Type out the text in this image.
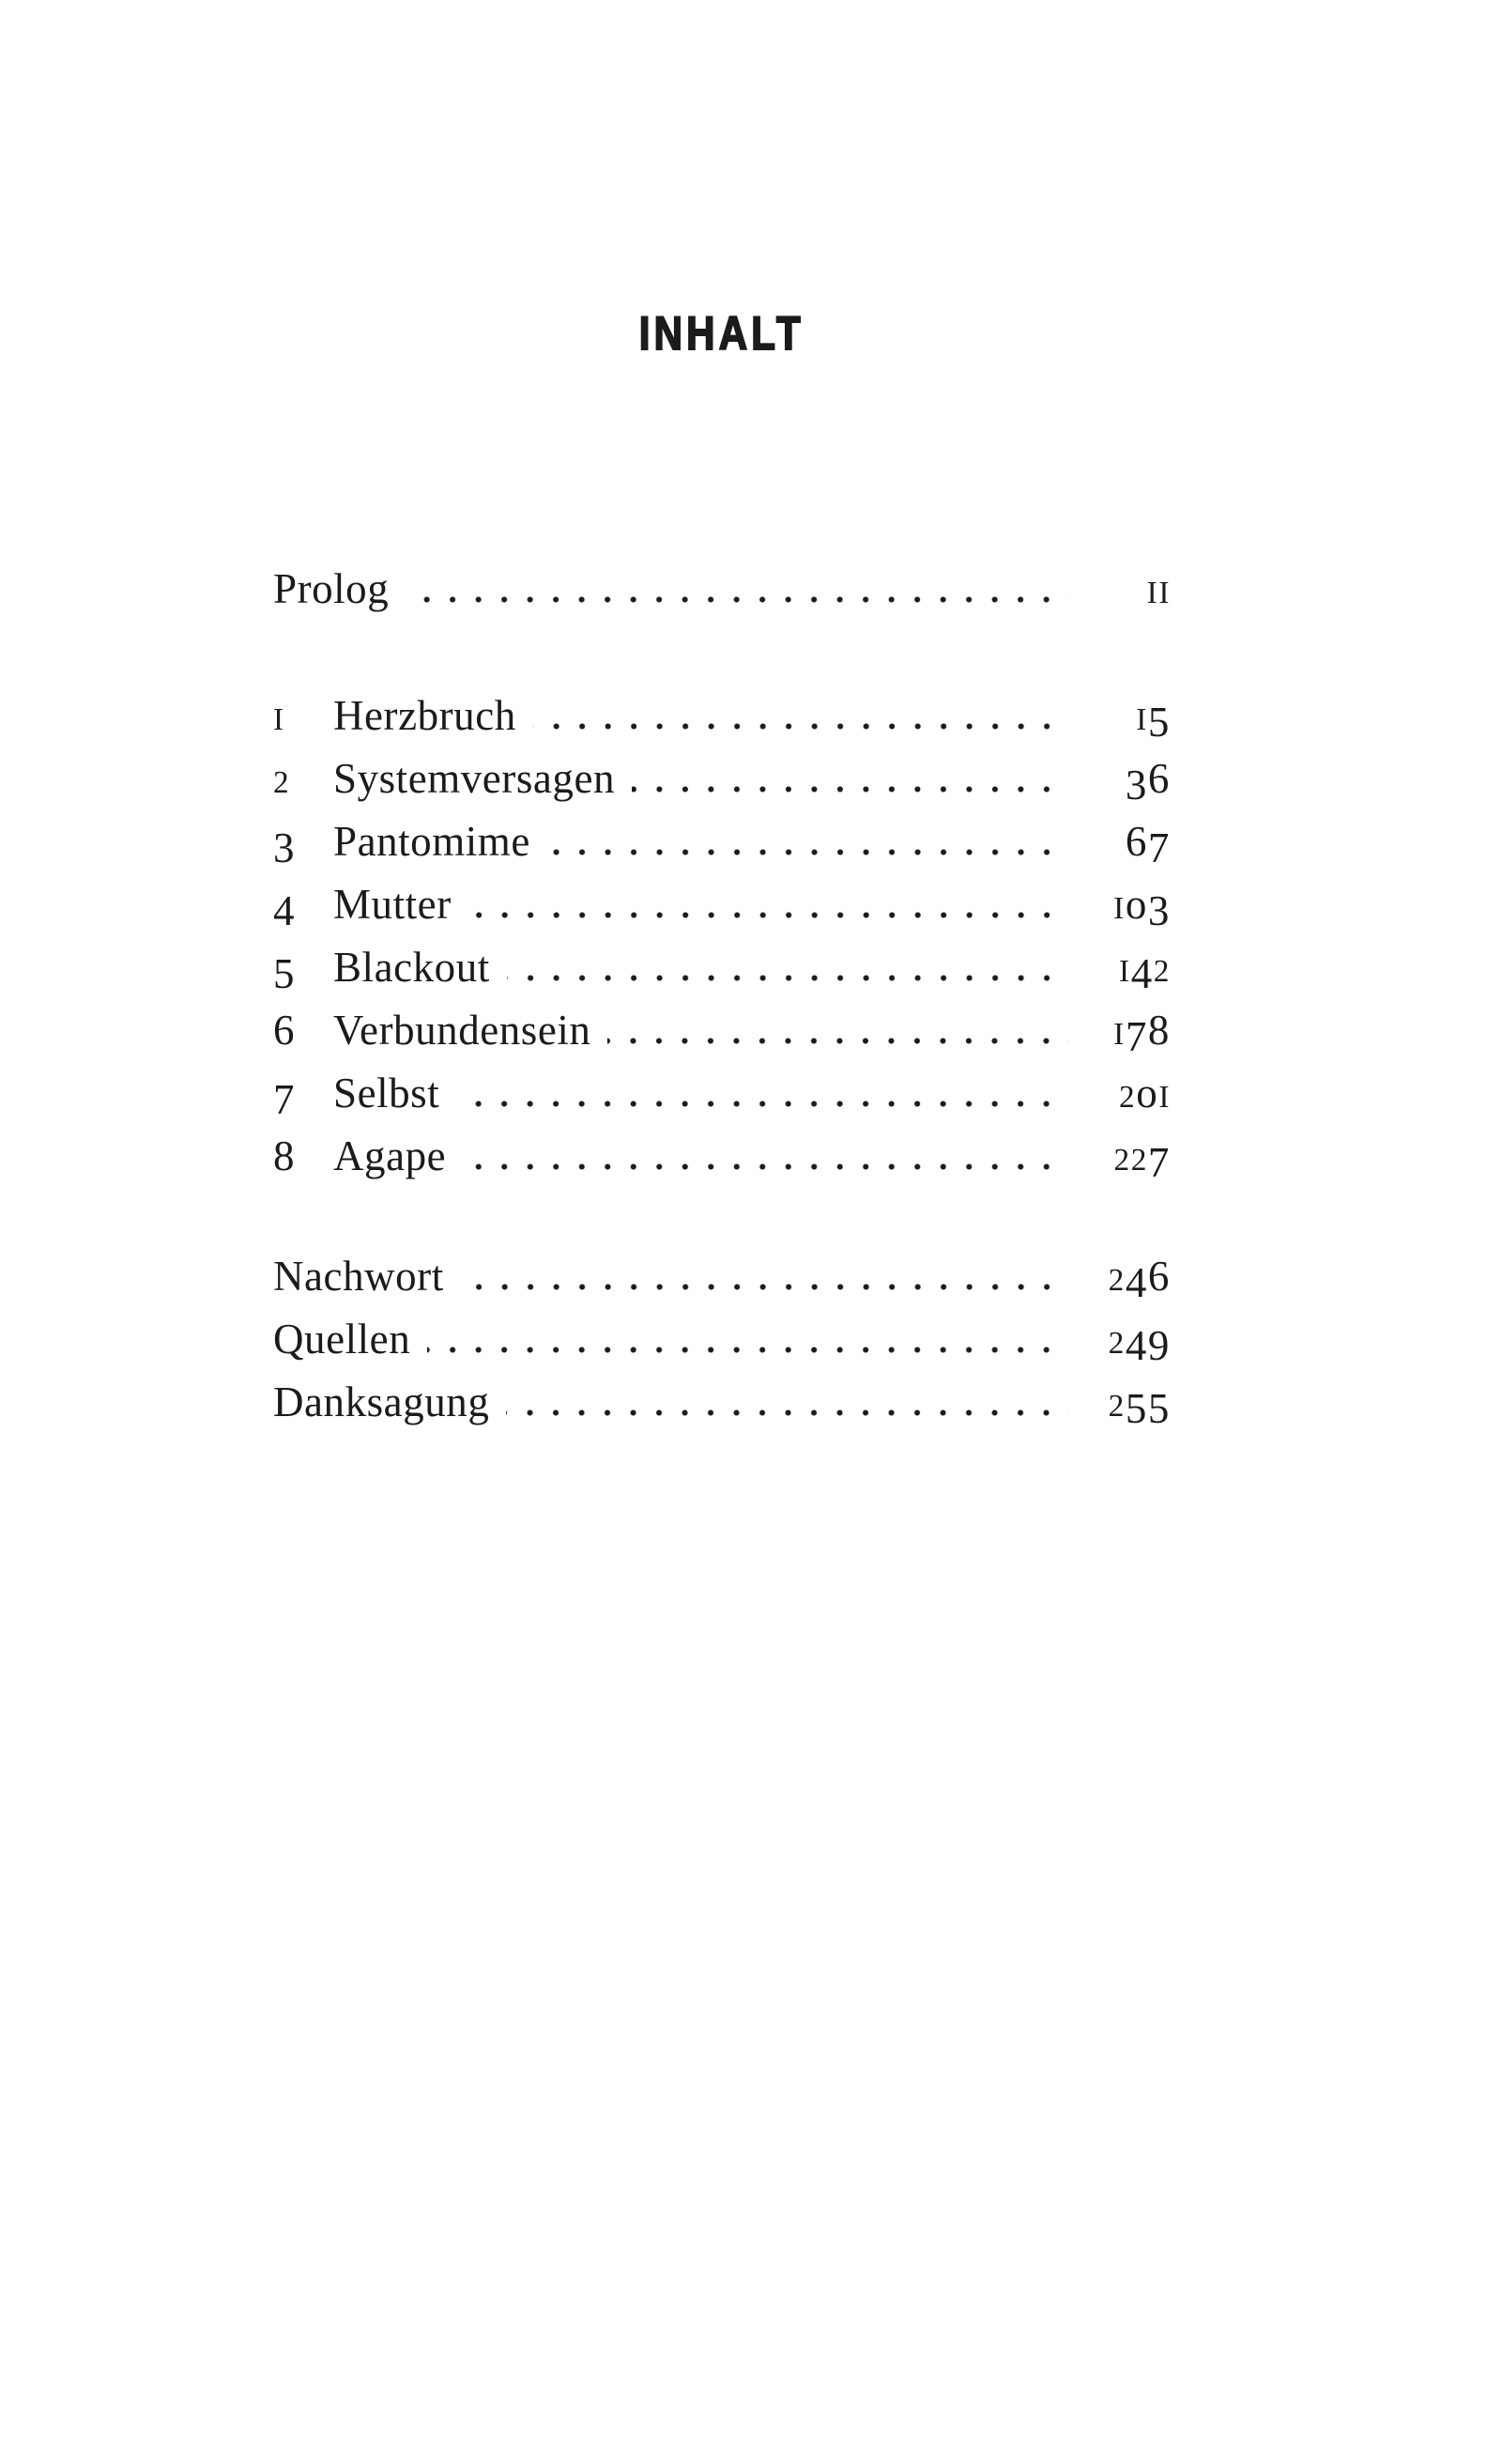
INHALT
Prolog	II
I	Herzbruch	I5
2	Systemversagen	36
3 Pantomime	67
4 Mutter	Io3
5 Blackout	I42
6 Verbundensein	I78
7 Selbst	2oI
8 Agape	227
Nachwort	246
Quellen	249
Danksagung	255
